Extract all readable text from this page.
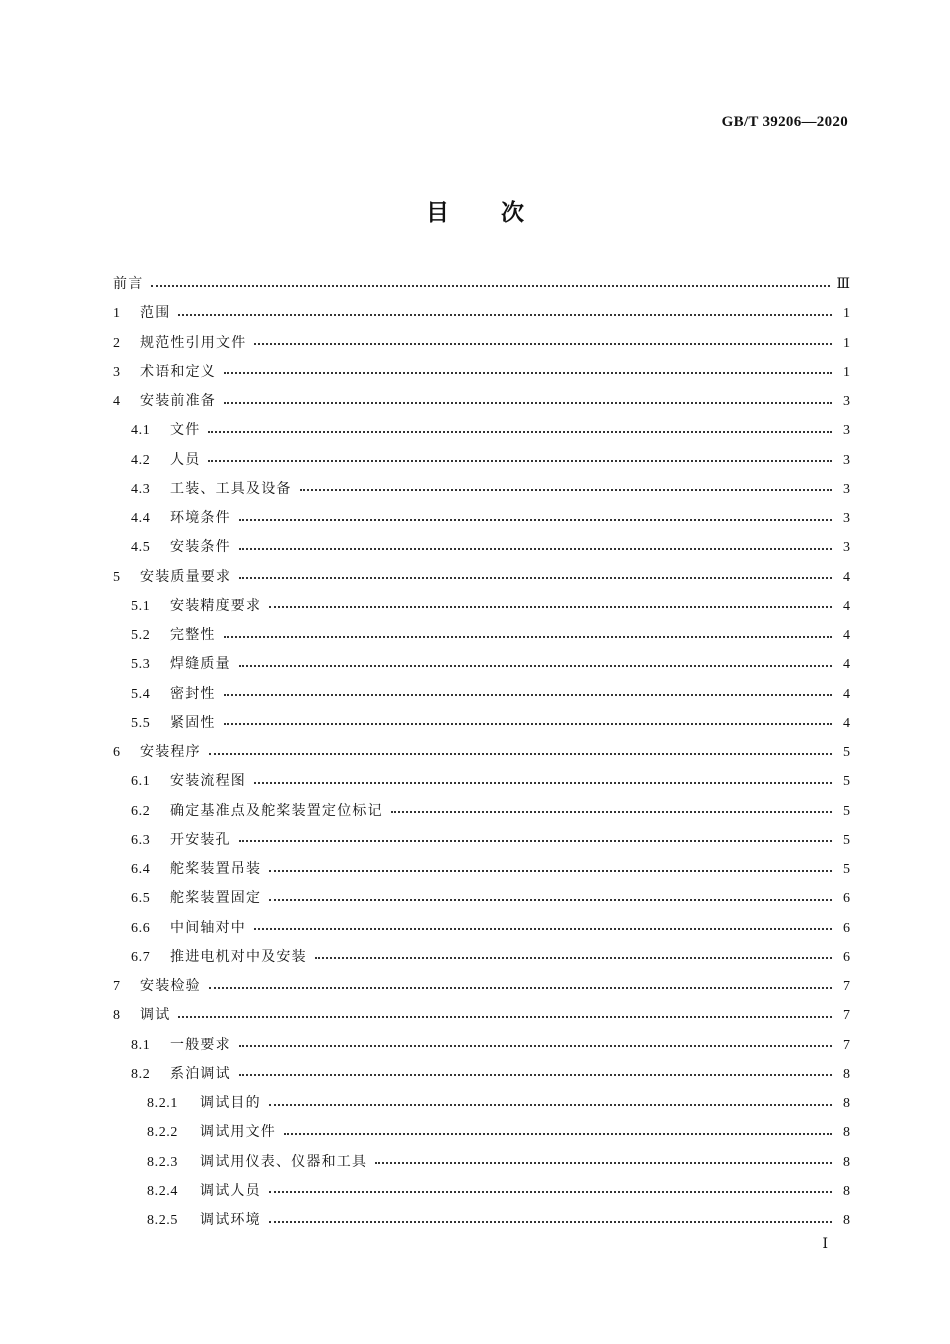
GB/T 39206—2020
目次
前言	Ⅲ
1	范围	1
2	规范性引用文件	1
3	术语和定义	1
4	安装前准备	3
4.1	文件	3
4.2	人员	3
4.3	工装、工具及设备	3
4.4	环境条件	3
4.5	安装条件	3
5	安装质量要求	4
5.1	安装精度要求	4
5.2	完整性	4
5.3	焊缝质量	4
5.4	密封性	4
5.5	紧固性	4
6	安装程序	5
6.1	安装流程图	5
6.2	确定基准点及舵桨装置定位标记	5
6.3	开安装孔	5
6.4	舵桨装置吊装	5
6.5	舵桨装置固定	6
6.6	中间轴对中	6
6.7	推进电机对中及安装	6
7	安装检验	7
8	调试	7
8.1	一般要求	7
8.2	系泊调试	8
8.2.1	调试目的	8
8.2.2	调试用文件	8
8.2.3	调试用仪表、仪器和工具	8
8.2.4	调试人员	8
8.2.5	调试环境	8
Ⅰ
